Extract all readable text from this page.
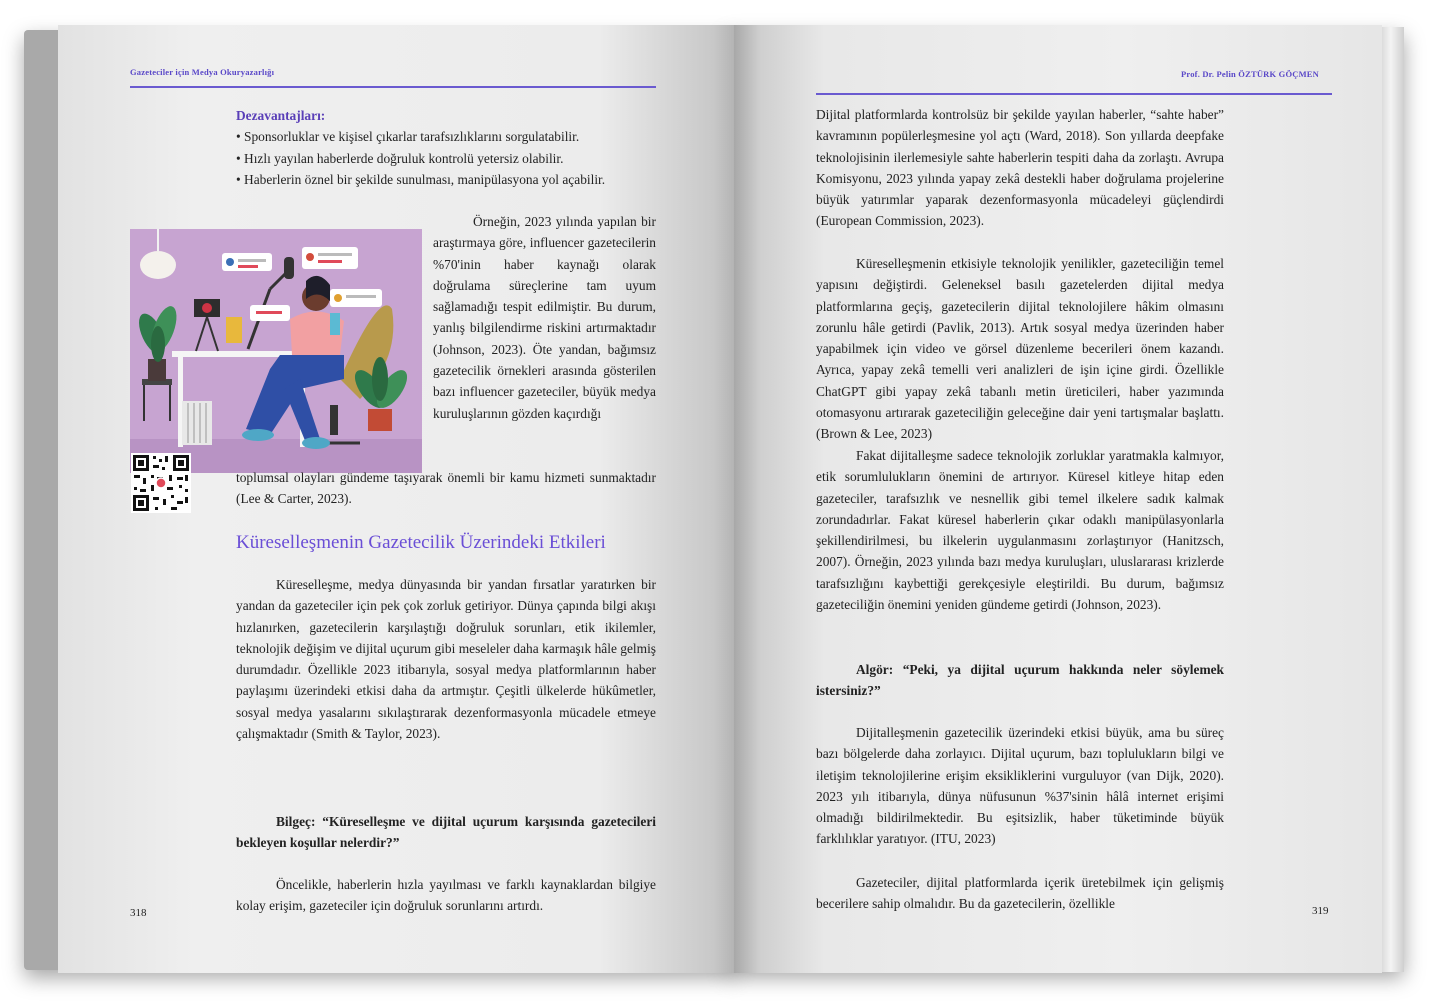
Gazeteciler için Medya Okuryazarlığı

Dezavantajları:

• Sponsorluklar ve kişisel çıkarlar tarafsızlıklarını sorgulatabilir.

• Hızlı yayılan haberlerde doğruluk kontrolü yetersiz olabilir.

• Haberlerin öznel bir şekilde sunulması, manipülasyona yol açabilir.

Örneğin, 2023 yılında yapılan bir araştırmaya göre, influencer gazetecilerin %70'inin haber kaynağı olarak doğrulama süreçlerine tam uyum sağlamadığı tespit edilmiştir. Bu durum, yanlış bilgilendirme riskini artırmaktadır (Johnson, 2023). Öte yandan, bağımsız gazetecilik örnekleri arasında gösterilen bazı influencer gazeteciler, büyük medya kuruluşlarının gözden kaçırdığı

toplumsal olayları gündeme taşıyarak önemli bir kamu hizmeti sunmaktadır (Lee & Carter, 2023).

Küreselleşmenin Gazetecilik Üzerindeki Etkileri

Küreselleşme, medya dünyasında bir yandan fırsatlar yaratırken bir yandan da gazeteciler için pek çok zorluk getiriyor. Dünya çapında bilgi akışı hızlanırken, gazetecilerin karşılaştığı doğruluk sorunları, etik ikilemler, teknolojik değişim ve dijital uçurum gibi meseleler daha karmaşık hâle gelmiş durumdadır. Özellikle 2023 itibarıyla, sosyal medya platformlarının haber paylaşımı üzerindeki etkisi daha da artmıştır. Çeşitli ülkelerde hükûmetler, sosyal medya yasalarını sıkılaştırarak dezenformasyonla mücadele etmeye çalışmaktadır (Smith & Taylor, 2023).

Bilgeç: “Küreselleşme ve dijital uçurum karşısında gazetecileri bekleyen koşullar nelerdir?”

Öncelikle, haberlerin hızla yayılması ve farklı kaynaklardan bilgiye kolay erişim, gazeteciler için doğruluk sorunlarını artırdı.

318
Prof. Dr. Pelin ÖZTÜRK GÖÇMEN

Dijital platformlarda kontrolsüz bir şekilde yayılan haberler, “sahte haber” kavramının popülerleşmesine yol açtı (Ward, 2018). Son yıllarda deepfake teknolojisinin ilerlemesiyle sahte haberlerin tespiti daha da zorlaştı. Avrupa Komisyonu, 2023 yılında yapay zekâ destekli haber doğrulama projelerine büyük yatırımlar yaparak dezenformasyonla mücadeleyi güçlendirdi (European Commission, 2023).

Küreselleşmenin etkisiyle teknolojik yenilikler, gazeteciliğin temel yapısını değiştirdi. Geleneksel basılı gazetelerden dijital medya platformlarına geçiş, gazetecilerin dijital teknolojilere hâkim olmasını zorunlu hâle getirdi (Pavlik, 2013). Artık sosyal medya üzerinden haber yapabilmek için video ve görsel düzenleme becerileri önem kazandı. Ayrıca, yapay zekâ temelli veri analizleri de işin içine girdi. Özellikle ChatGPT gibi yapay zekâ tabanlı metin üreticileri, haber yazımında otomasyonu artırarak gazeteciliğin geleceğine dair yeni tartışmalar başlattı. (Brown & Lee, 2023)

Fakat dijitalleşme sadece teknolojik zorluklar yaratmakla kalmıyor, etik sorumlulukların önemini de artırıyor. Küresel kitleye hitap eden gazeteciler, tarafsızlık ve nesnellik gibi temel ilkelere sadık kalmak zorundadırlar. Fakat küresel haberlerin çıkar odaklı manipülasyonlarla şekillendirilmesi, bu ilkelerin uygulanmasını zorlaştırıyor (Hanitzsch, 2007). Örneğin, 2023 yılında bazı medya kuruluşları, uluslararası krizlerde tarafsızlığını kaybettiği gerekçesiyle eleştirildi. Bu durum, bağımsız gazeteciliğin önemini yeniden gündeme getirdi (Johnson, 2023).

Algör: “Peki, ya dijital uçurum hakkında neler söylemek istersiniz?”

Dijitalleşmenin gazetecilik üzerindeki etkisi büyük, ama bu süreç bazı bölgelerde daha zorlayıcı. Dijital uçurum, bazı toplulukların bilgi ve iletişim teknolojilerine erişim eksikliklerini vurguluyor (van Dijk, 2020). 2023 yılı itibarıyla, dünya nüfusunun %37'sinin hâlâ internet erişimi olmadığı bildirilmektedir. Bu eşitsizlik, haber tüketiminde büyük farklılıklar yaratıyor. (ITU, 2023)

Gazeteciler, dijital platformlarda içerik üretebilmek için gelişmiş becerilere sahip olmalıdır. Bu da gazetecilerin, özellikle	319
